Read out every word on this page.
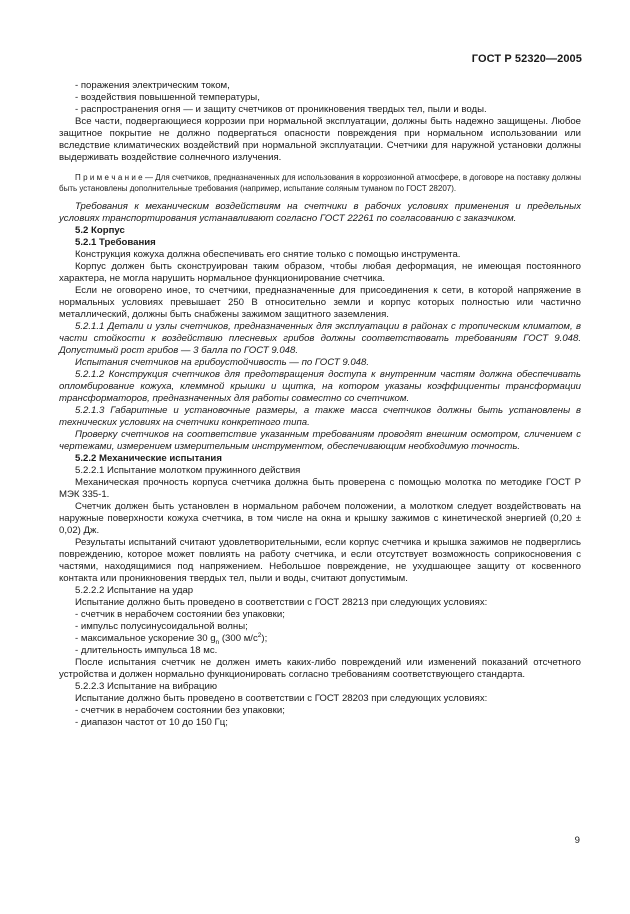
ГОСТ Р 52320—2005

- поражения электрическим током,

- воздействия повышенной температуры,

- распространения огня — и защиту счетчиков от проникновения твердых тел, пыли и воды.

Все части, подвергающиеся коррозии при нормальной эксплуатации, должны быть надежно защищены. Любое защитное покрытие не должно подвергаться опасности повреждения при нормальном использовании или вследствие климатических воздействий при нормальной эксплуатации. Счетчики для наружной установки должны выдерживать воздействие солнечного излучения.

П р и м е ч а н и е — Для счетчиков, предназначенных для использования в коррозионной атмосфере, в договоре на поставку должны быть установлены дополнительные требования (например, испытание соляным туманом по ГОСТ 28207).

Требования к механическим воздействиям на счетчики в рабочих условиях применения и предельных условиях транспортирования устанавливают согласно ГОСТ 22261 по согласованию с заказчиком.

5.2 Корпус

5.2.1 Требования

Конструкция кожуха должна обеспечивать его снятие только с помощью инструмента.

Корпус должен быть сконструирован таким образом, чтобы любая деформация, не имеющая постоянного характера, не могла нарушить нормальное функционирование счетчика.

Если не оговорено иное, то счетчики, предназначенные для присоединения к сети, в которой напряжение в нормальных условиях превышает 250 В относительно земли и корпус которых полностью или частично металлический, должны быть снабжены зажимом защитного заземления.

5.2.1.1 Детали и узлы счетчиков, предназначенных для эксплуатации в районах с тропическим климатом, в части стойкости к воздействию плесневых грибов должны соответствовать требованиям ГОСТ 9.048. Допустимый рост грибов — 3 балла по ГОСТ 9.048.

Испытания счетчиков на грибоустойчивость — по ГОСТ 9.048.

5.2.1.2 Конструкция счетчиков для предотвращения доступа к внутренним частям должна обеспечивать опломбирование кожуха, клеммной крышки и щитка, на котором указаны коэффициенты трансформации трансформаторов, предназначенных для работы совместно со счетчиком.

5.2.1.3 Габаритные и установочные размеры, а также масса счетчиков должны быть установлены в технических условиях на счетчики конкретного типа.

Проверку счетчиков на соответствие указанным требованиям проводят внешним осмотром, сличением с чертежами, измерением измерительным инструментом, обеспечивающим необходимую точность.

5.2.2 Механические испытания

5.2.2.1 Испытание молотком пружинного действия

Механическая прочность корпуса счетчика должна быть проверена с помощью молотка по методике ГОСТ Р МЭК 335-1.

Счетчик должен быть установлен в нормальном рабочем положении, а молотком следует воздействовать на наружные поверхности кожуха счетчика, в том числе на окна и крышку зажимов с кинетической энергией (0,20 ± 0,02) Дж.

Результаты испытаний считают удовлетворительными, если корпус счетчика и крышка зажимов не подверглись повреждению, которое может повлиять на работу счетчика, и если отсутствует возможность соприкосновения с частями, находящимися под напряжением. Небольшое повреждение, не ухудшающее защиту от косвенного контакта или проникновения твердых тел, пыли и воды, считают допустимым.

5.2.2.2 Испытание на удар

Испытание должно быть проведено в соответствии с ГОСТ 28213 при следующих условиях:

- счетчик в нерабочем состоянии без упаковки;

- импульс полусинусоидальной волны;

- максимальное ускорение 30 $g_n$ (300 $м/с^2$);

- длительность импульса 18 мс.

После испытания счетчик не должен иметь каких-либо повреждений или изменений показаний отсчетного устройства и должен нормально функционировать согласно требованиям соответствующего стандарта.

5.2.2.3 Испытание на вибрацию

Испытание должно быть проведено в соответствии с ГОСТ 28203 при следующих условиях:

- счетчик в нерабочем состоянии без упаковки;

- диапазон частот от 10 до 150 Гц;

9
